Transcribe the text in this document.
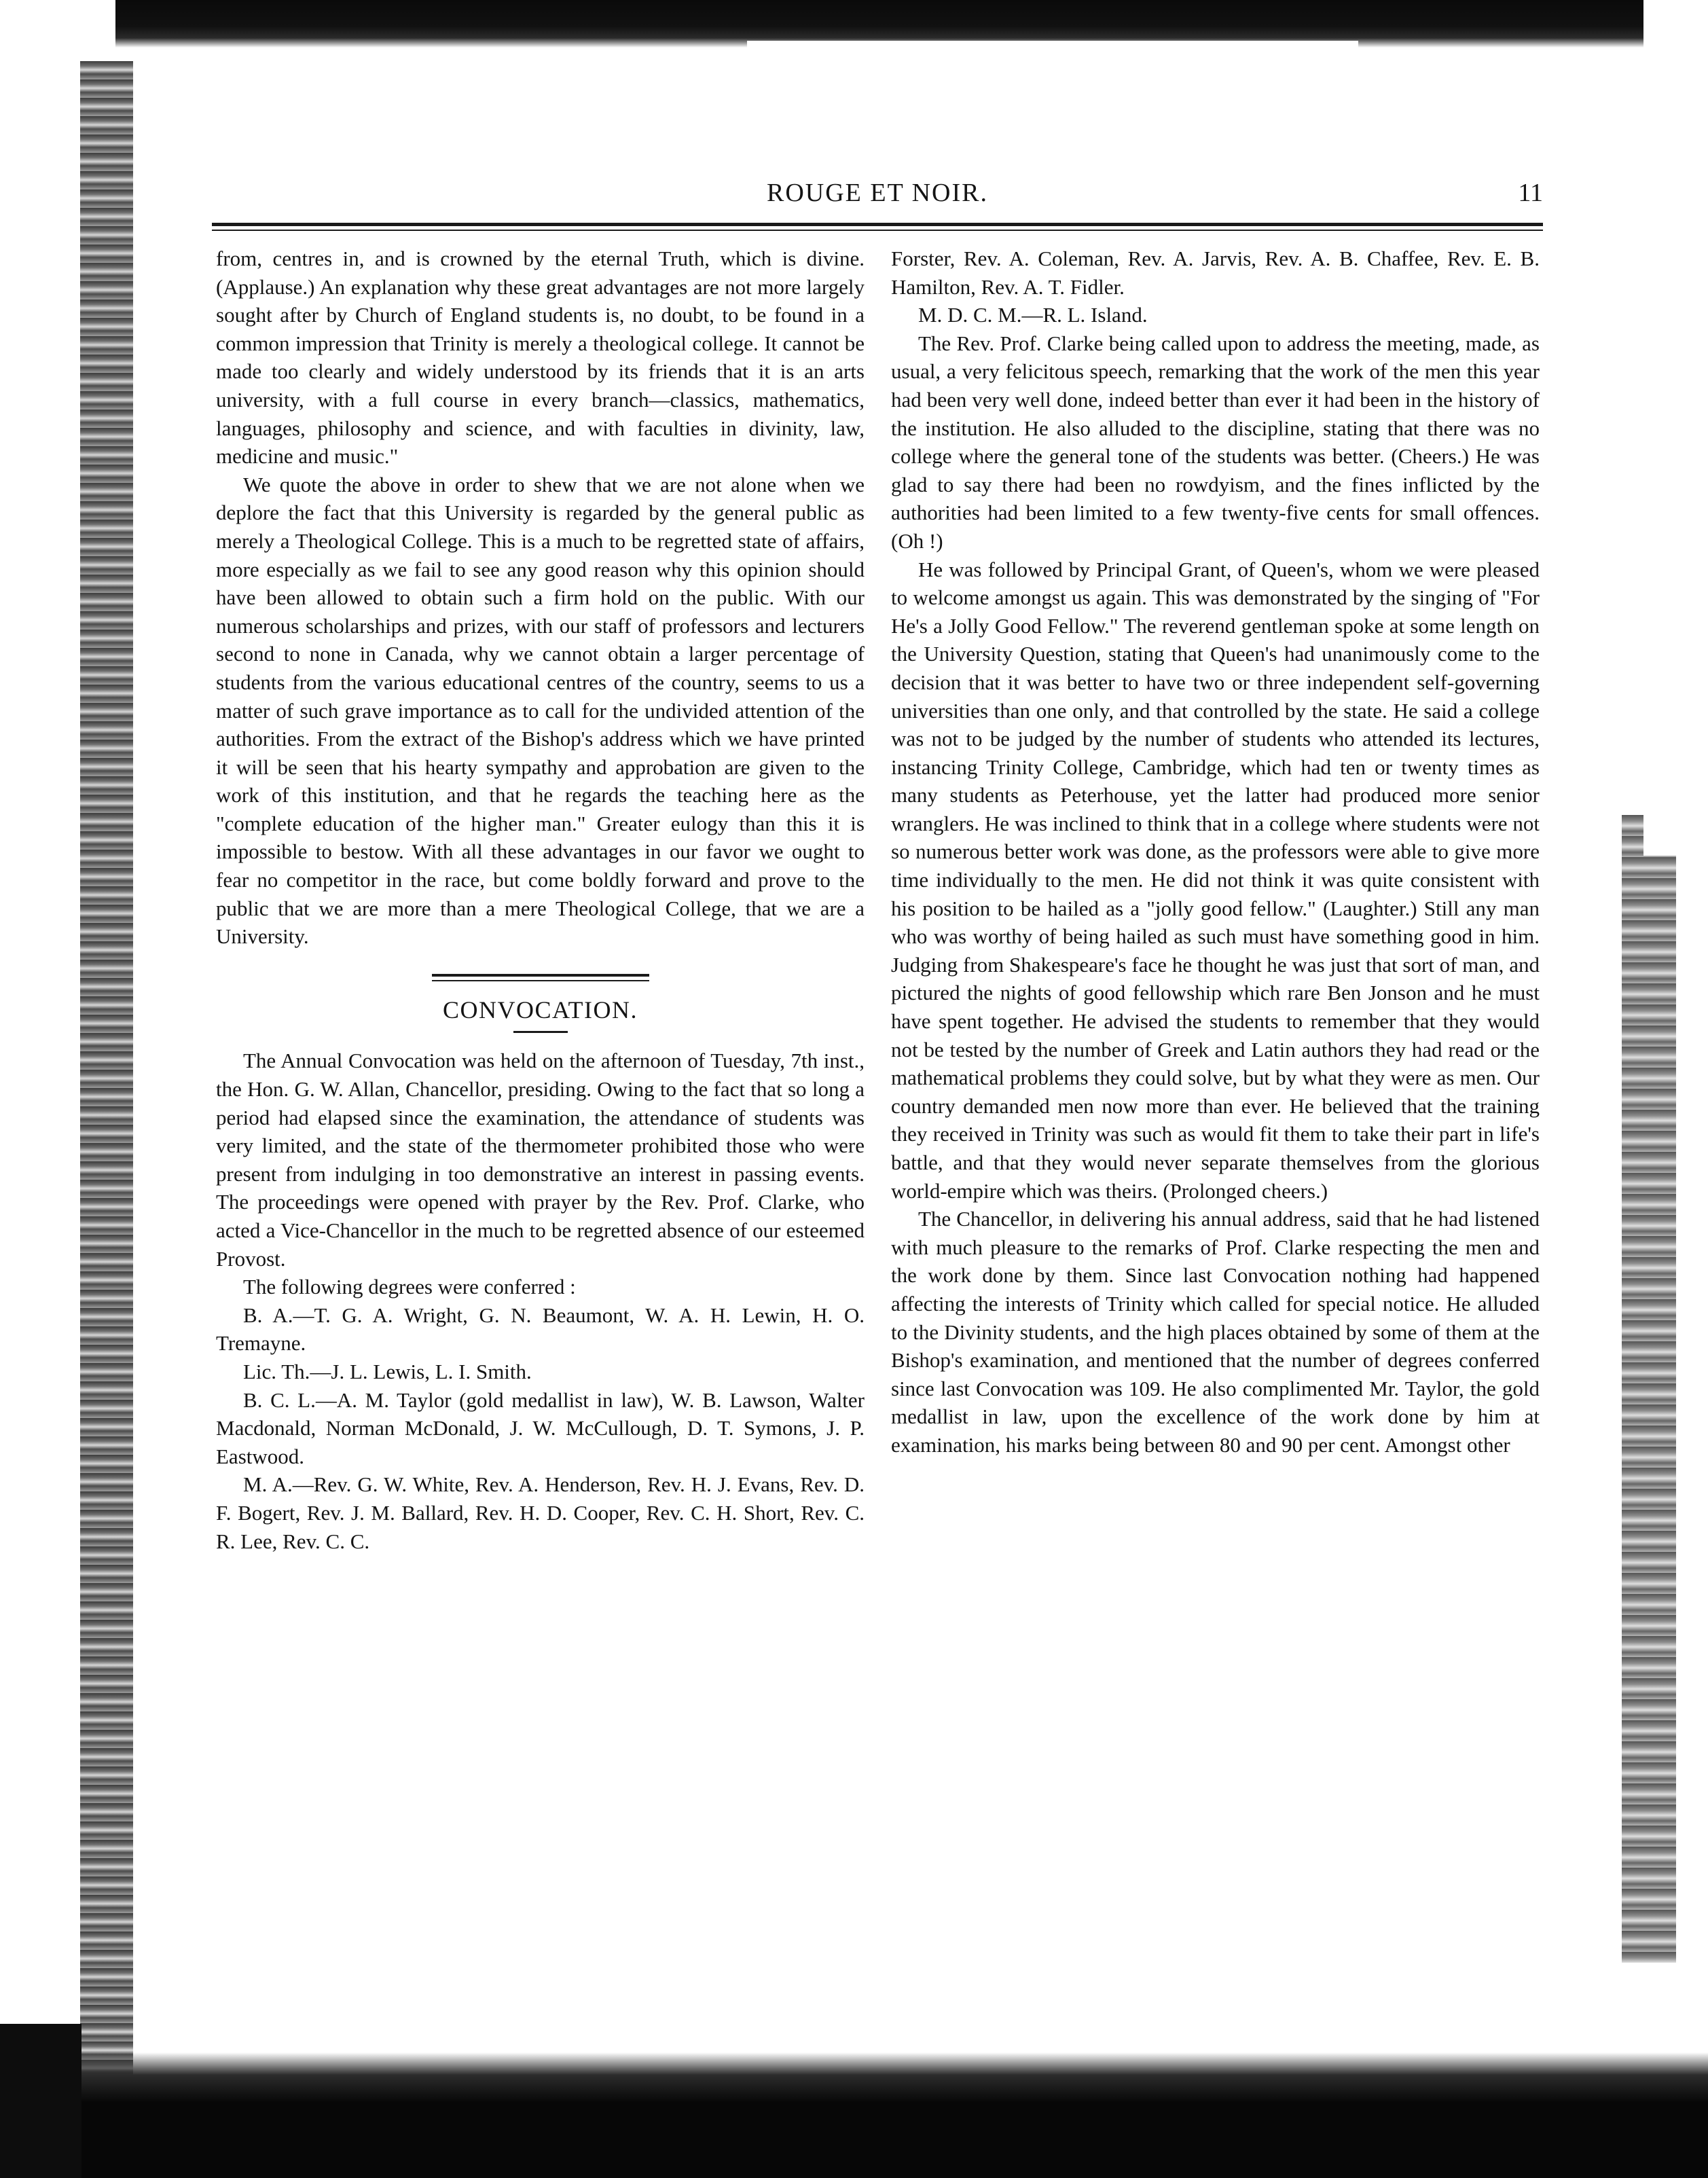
ROUGE ET NOIR.	11

from, centres in, and is crowned by the eternal Truth, which is divine. (Applause.) An explanation why these great advantages are not more largely sought after by Church of England students is, no doubt, to be found in a common impression that Trinity is merely a theological college. It cannot be made too clearly and widely understood by its friends that it is an arts university, with a full course in every branch—classics, mathematics, languages, philosophy and science, and with faculties in divinity, law, medicine and music."

We quote the above in order to shew that we are not alone when we deplore the fact that this University is regarded by the general public as merely a Theological College. This is a much to be regretted state of affairs, more especially as we fail to see any good reason why this opinion should have been allowed to obtain such a firm hold on the public. With our numerous scholarships and prizes, with our staff of professors and lecturers second to none in Canada, why we cannot obtain a larger percentage of students from the various educational centres of the country, seems to us a matter of such grave importance as to call for the undivided attention of the authorities. From the extract of the Bishop's address which we have printed it will be seen that his hearty sympathy and approbation are given to the work of this institution, and that he regards the teaching here as the "complete education of the higher man." Greater eulogy than this it is impossible to bestow. With all these advantages in our favor we ought to fear no competitor in the race, but come boldly forward and prove to the public that we are more than a mere Theological College, that we are a University.

CONVOCATION.

The Annual Convocation was held on the afternoon of Tuesday, 7th inst., the Hon. G. W. Allan, Chancellor, presiding. Owing to the fact that so long a period had elapsed since the examination, the attendance of students was very limited, and the state of the thermometer prohibited those who were present from indulging in too demonstrative an interest in passing events. The proceedings were opened with prayer by the Rev. Prof. Clarke, who acted a Vice-Chancellor in the much to be regretted absence of our esteemed Provost.

The following degrees were conferred :

B. A.—T. G. A. Wright, G. N. Beaumont, W. A. H. Lewin, H. O. Tremayne.

Lic. Th.—J. L. Lewis, L. I. Smith.

B. C. L.—A. M. Taylor (gold medallist in law), W. B. Lawson, Walter Macdonald, Norman McDonald, J. W. McCullough, D. T. Symons, J. P. Eastwood.

M. A.—Rev. G. W. White, Rev. A. Henderson, Rev. H. J. Evans, Rev. D. F. Bogert, Rev. J. M. Ballard, Rev. H. D. Cooper, Rev. C. H. Short, Rev. C. R. Lee, Rev. C. C.

Forster, Rev. A. Coleman, Rev. A. Jarvis, Rev. A. B. Chaffee, Rev. E. B. Hamilton, Rev. A. T. Fidler.

M. D. C. M.—R. L. Island.

The Rev. Prof. Clarke being called upon to address the meeting, made, as usual, a very felicitous speech, remarking that the work of the men this year had been very well done, indeed better than ever it had been in the history of the institution. He also alluded to the discipline, stating that there was no college where the general tone of the students was better. (Cheers.) He was glad to say there had been no rowdyism, and the fines inflicted by the authorities had been limited to a few twenty-five cents for small offences. (Oh !)

He was followed by Principal Grant, of Queen's, whom we were pleased to welcome amongst us again. This was demonstrated by the singing of "For He's a Jolly Good Fellow." The reverend gentleman spoke at some length on the University Question, stating that Queen's had unanimously come to the decision that it was better to have two or three independent self-governing universities than one only, and that controlled by the state. He said a college was not to be judged by the number of students who attended its lectures, instancing Trinity College, Cambridge, which had ten or twenty times as many students as Peterhouse, yet the latter had produced more senior wranglers. He was inclined to think that in a college where students were not so numerous better work was done, as the professors were able to give more time individually to the men. He did not think it was quite consistent with his position to be hailed as a "jolly good fellow." (Laughter.) Still any man who was worthy of being hailed as such must have something good in him. Judging from Shakespeare's face he thought he was just that sort of man, and pictured the nights of good fellowship which rare Ben Jonson and he must have spent together. He advised the students to remember that they would not be tested by the number of Greek and Latin authors they had read or the mathematical problems they could solve, but by what they were as men. Our country demanded men now more than ever. He believed that the training they received in Trinity was such as would fit them to take their part in life's battle, and that they would never separate themselves from the glorious world-empire which was theirs. (Prolonged cheers.)

The Chancellor, in delivering his annual address, said that he had listened with much pleasure to the remarks of Prof. Clarke respecting the men and the work done by them. Since last Convocation nothing had happened affecting the interests of Trinity which called for special notice. He alluded to the Divinity students, and the high places obtained by some of them at the Bishop's examination, and mentioned that the number of degrees conferred since last Convocation was 109. He also complimented Mr. Taylor, the gold medallist in law, upon the excellence of the work done by him at examination, his marks being between 80 and 90 per cent. Amongst other
